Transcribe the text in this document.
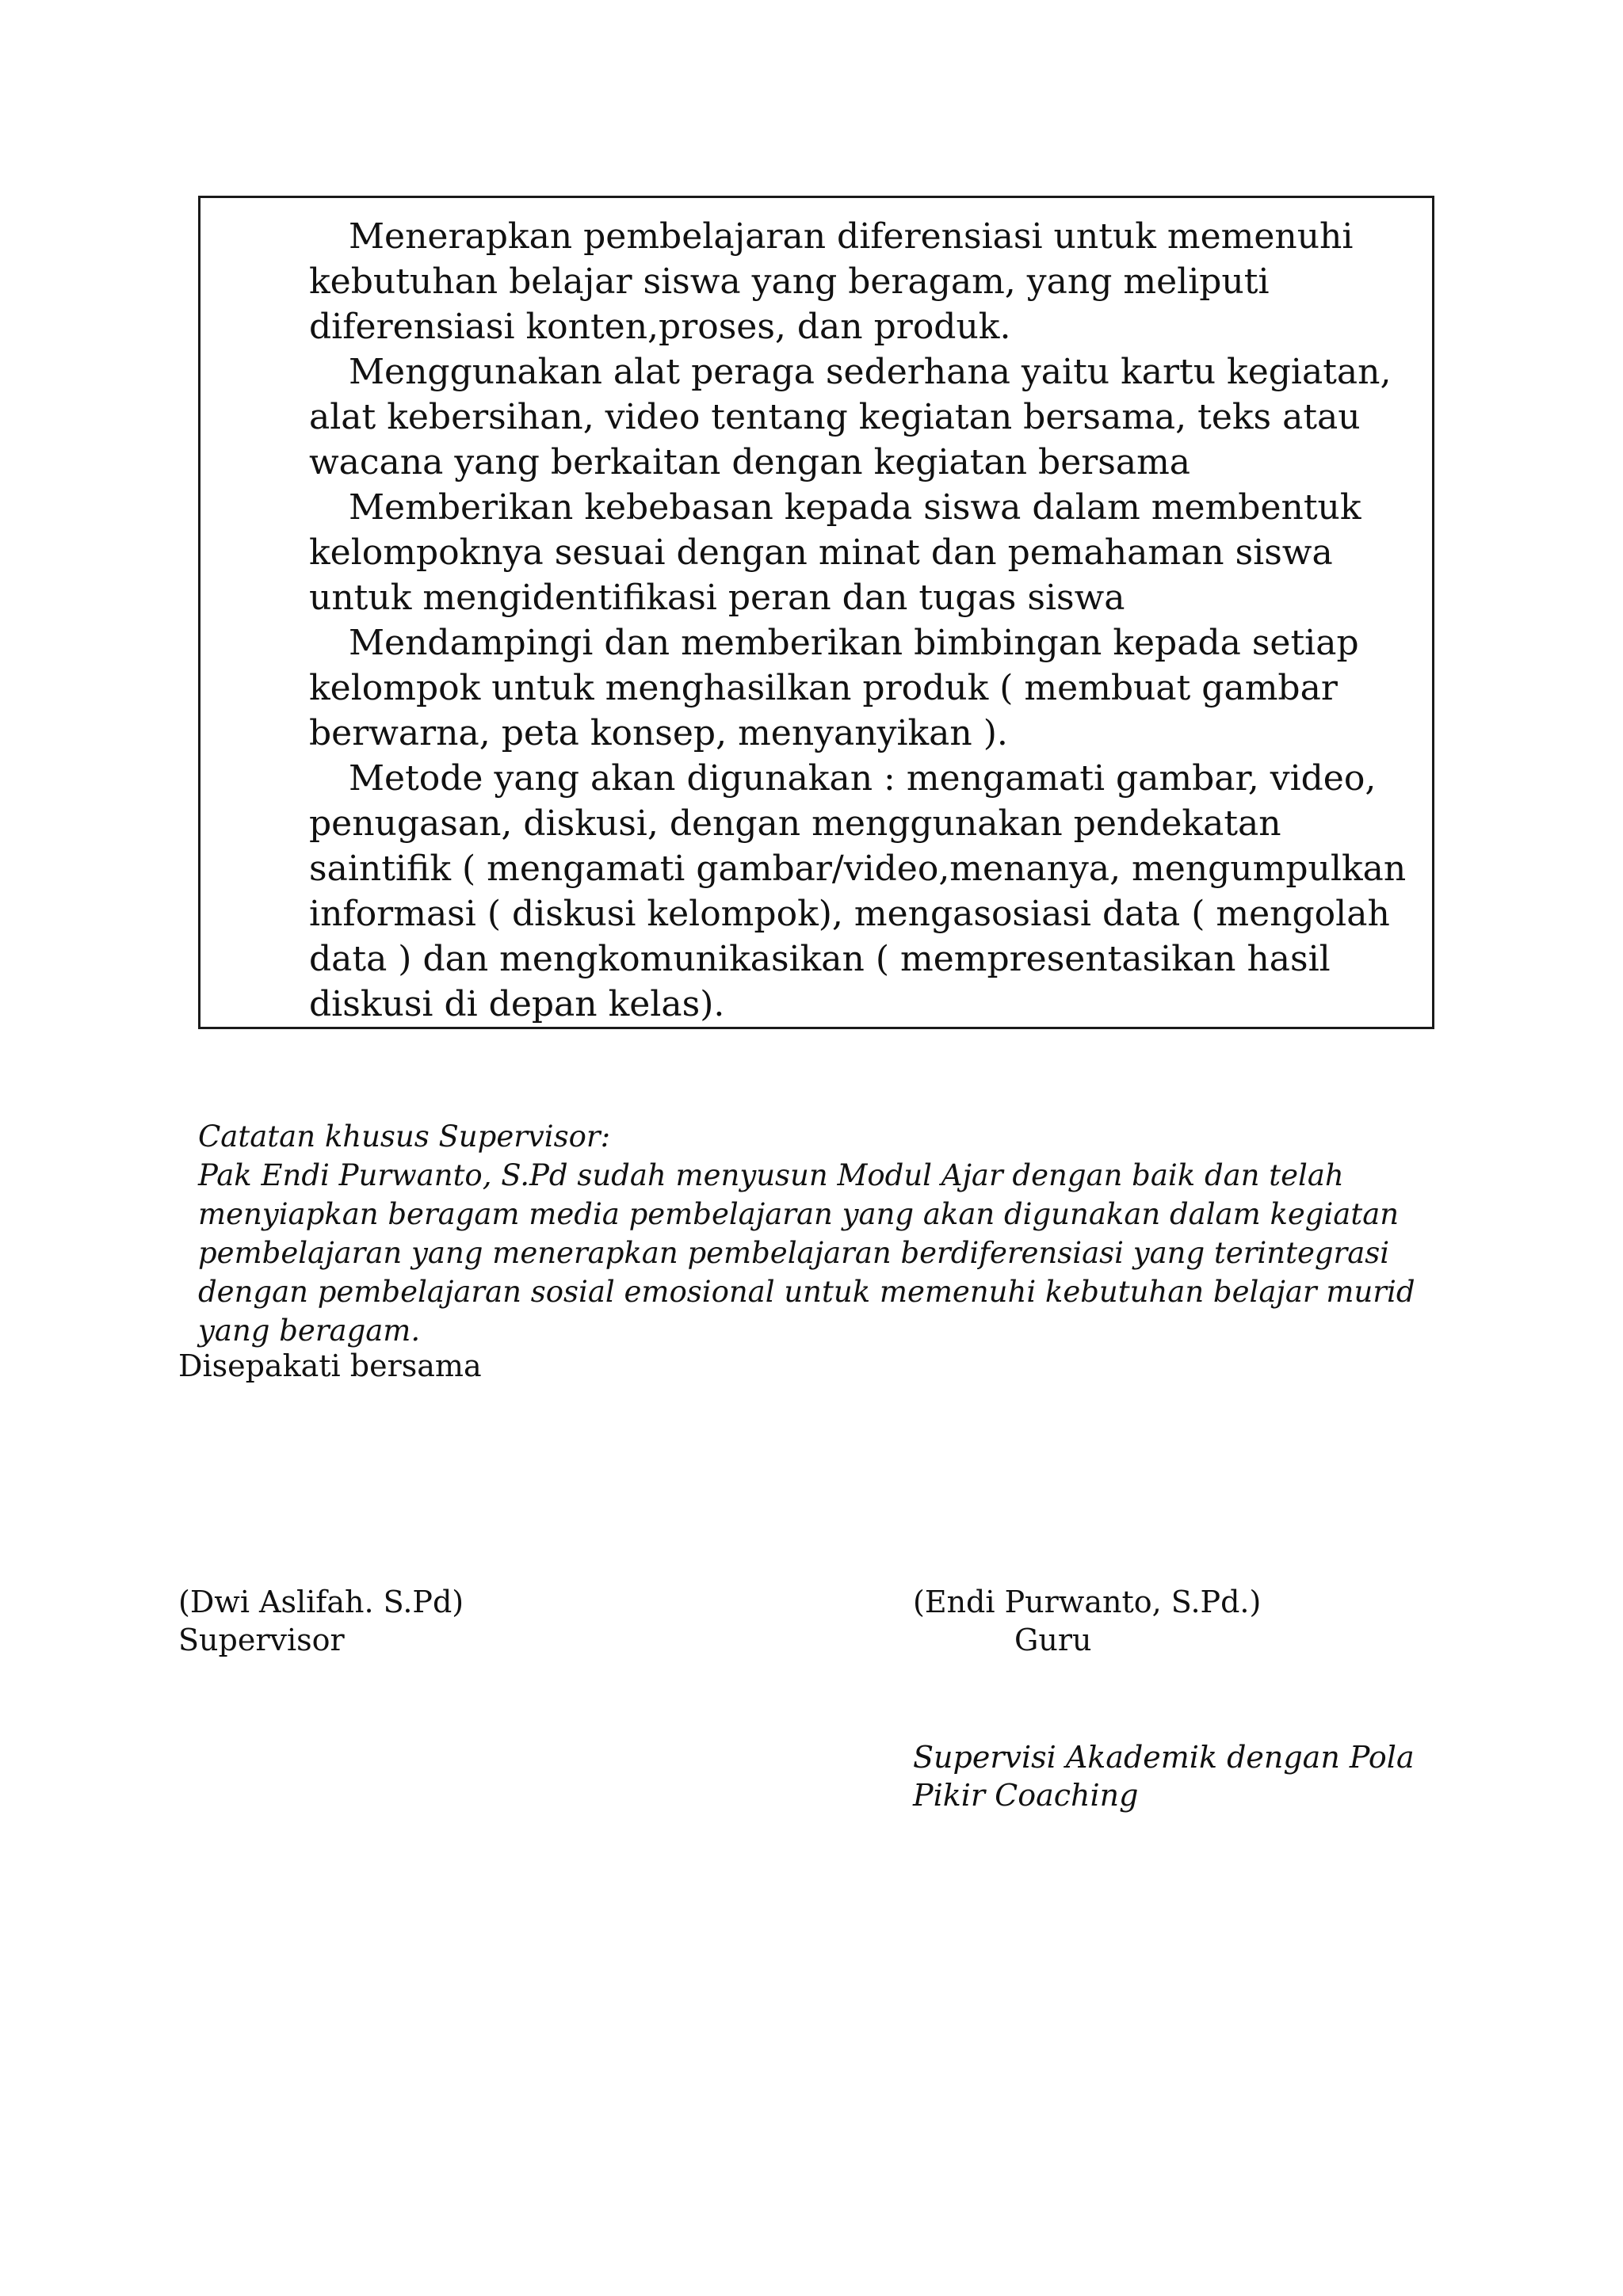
Menerapkan pembelajaran diferensiasi untuk memenuhi kebutuhan belajar siswa yang beragam, yang meliputi diferensiasi konten,proses, dan produk.

Menggunakan alat peraga sederhana yaitu kartu kegiatan, alat kebersihan, video tentang kegiatan bersama, teks atau wacana yang berkaitan dengan kegiatan bersama

Memberikan kebebasan kepada siswa dalam membentuk kelompoknya sesuai dengan minat dan pemahaman siswa untuk mengidentifikasi peran dan tugas siswa

Mendampingi dan memberikan bimbingan kepada setiap kelompok untuk menghasilkan produk ( membuat gambar berwarna, peta konsep, menyanyikan ).

Metode yang akan digunakan : mengamati gambar, video, penugasan, diskusi, dengan menggunakan pendekatan saintifik ( mengamati gambar/video,menanya, mengumpulkan informasi ( diskusi kelompok), mengasosiasi data ( mengolah data ) dan mengkomunikasikan ( mempresentasikan hasil diskusi di depan kelas).

Catatan khusus Supervisor:

Pak Endi Purwanto, S.Pd sudah menyusun Modul Ajar dengan baik dan telah menyiapkan beragam media pembelajaran yang akan digunakan dalam kegiatan pembelajaran yang menerapkan pembelajaran berdiferensiasi yang terintegrasi dengan pembelajaran sosial emosional untuk memenuhi kebutuhan belajar murid yang beragam.

Disepakati bersama

(Dwi Aslifah. S.Pd)

Supervisor

(Endi Purwanto, S.Pd.)

Guru

Supervisi Akademik dengan Pola Pikir Coaching
